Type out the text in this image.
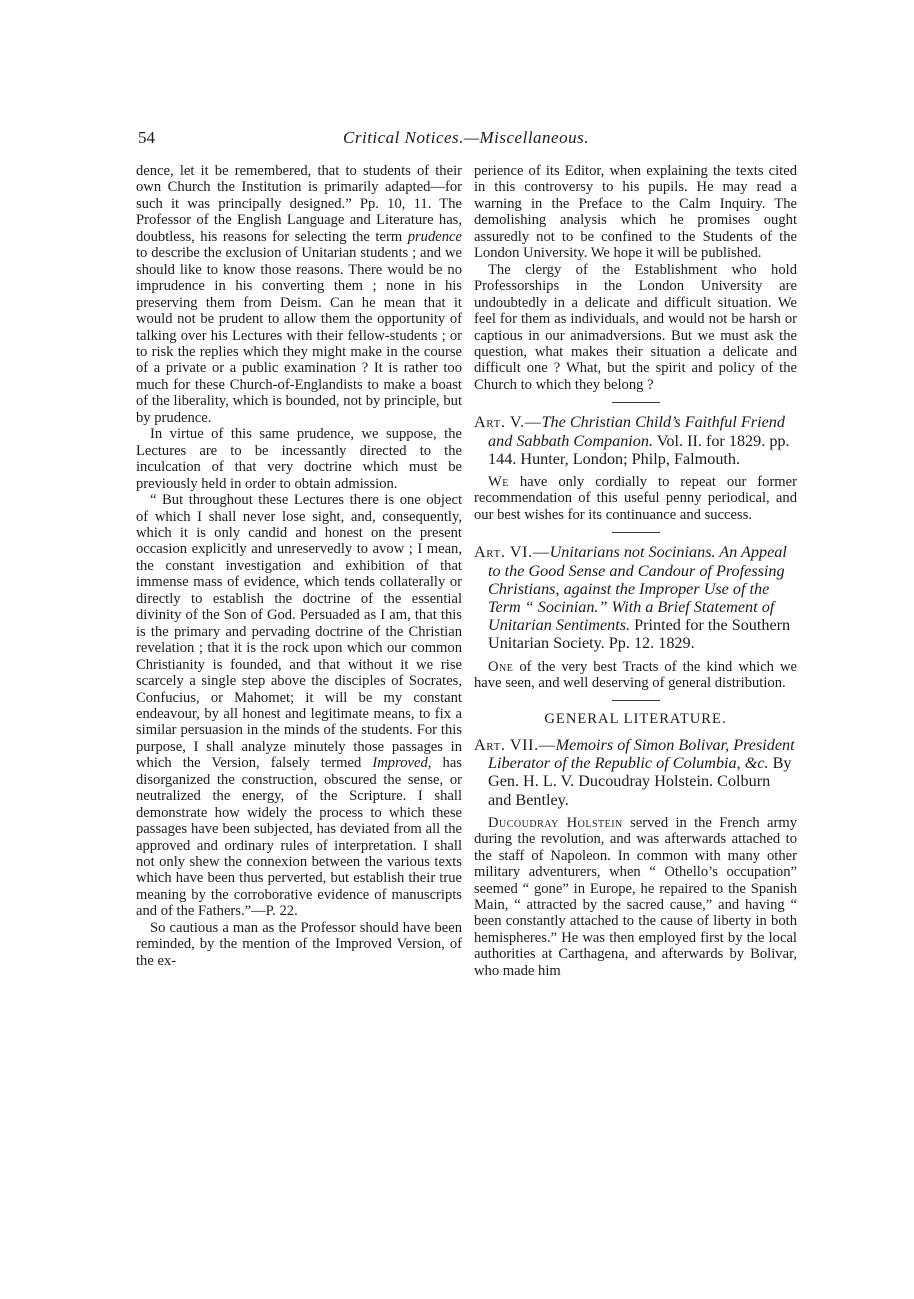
54	Critical Notices.—Miscellaneous.

dence, let it be remembered, that to students of their own Church the Institution is primarily adapted—for such it was principally designed.” Pp. 10, 11. The Professor of the English Language and Literature has, doubtless, his reasons for selecting the term prudence to describe the exclusion of Unitarian students ; and we should like to know those reasons. There would be no imprudence in his converting them ; none in his preserving them from Deism. Can he mean that it would not be prudent to allow them the opportunity of talking over his Lectures with their fellow-students ; or to risk the replies which they might make in the course of a private or a public examination ? It is rather too much for these Church-of-Englandists to make a boast of the liberality, which is bounded, not by principle, but by prudence.

In virtue of this same prudence, we suppose, the Lectures are to be incessantly directed to the inculcation of that very doctrine which must be previously held in order to obtain admission.

“ But throughout these Lectures there is one object of which I shall never lose sight, and, consequently, which it is only candid and honest on the present occasion explicitly and unreservedly to avow ; I mean, the constant investigation and exhibition of that immense mass of evidence, which tends collaterally or directly to establish the doctrine of the essential divinity of the Son of God. Persuaded as I am, that this is the primary and pervading doctrine of the Christian revelation ; that it is the rock upon which our common Christianity is founded, and that without it we rise scarcely a single step above the disciples of Socrates, Confucius, or Mahomet; it will be my constant endeavour, by all honest and legitimate means, to fix a similar persuasion in the minds of the students. For this purpose, I shall analyze minutely those passages in which the Version, falsely termed Improved, has disorganized the construction, obscured the sense, or neutralized the energy, of the Scripture. I shall demonstrate how widely the process to which these passages have been subjected, has deviated from all the approved and ordinary rules of interpretation. I shall not only shew the connexion between the various texts which have been thus perverted, but establish their true meaning by the corroborative evidence of manuscripts and of the Fathers.”—P. 22.

So cautious a man as the Professor should have been reminded, by the mention of the Improved Version, of the ex-

perience of its Editor, when explaining the texts cited in this controversy to his pupils. He may read a warning in the Preface to the Calm Inquiry. The demolishing analysis which he promises ought assuredly not to be confined to the Students of the London University. We hope it will be published.

The clergy of the Establishment who hold Professorships in the London University are undoubtedly in a delicate and difficult situation. We feel for them as individuals, and would not be harsh or captious in our animadversions. But we must ask the question, what makes their situation a delicate and difficult one ? What, but the spirit and policy of the Church to which they belong ?

Art. V.—The Christian Child’s Faithful Friend and Sabbath Companion. Vol. II. for 1829. pp. 144. Hunter, London; Philp, Falmouth.

We have only cordially to repeat our former recommendation of this useful penny periodical, and our best wishes for its continuance and success.

Art. VI.—Unitarians not Socinians. An Appeal to the Good Sense and Candour of Professing Christians, against the Improper Use of the Term “ Socinian.” With a Brief Statement of Unitarian Sentiments. Printed for the Southern Unitarian Society. Pp. 12. 1829.

One of the very best Tracts of the kind which we have seen, and well deserving of general distribution.

GENERAL LITERATURE.

Art. VII.—Memoirs of Simon Bolivar, President Liberator of the Republic of Columbia, &c. By Gen. H. L. V. Ducoudray Holstein. Colburn and Bentley.

Ducoudray Holstein served in the French army during the revolution, and was afterwards attached to the staff of Napoleon. In common with many other military adventurers, when “ Othello’s occupation” seemed “ gone” in Europe, he repaired to the Spanish Main, “ attracted by the sacred cause,” and having “ been constantly attached to the cause of liberty in both hemispheres.” He was then employed first by the local authorities at Carthagena, and afterwards by Bolivar, who made him
